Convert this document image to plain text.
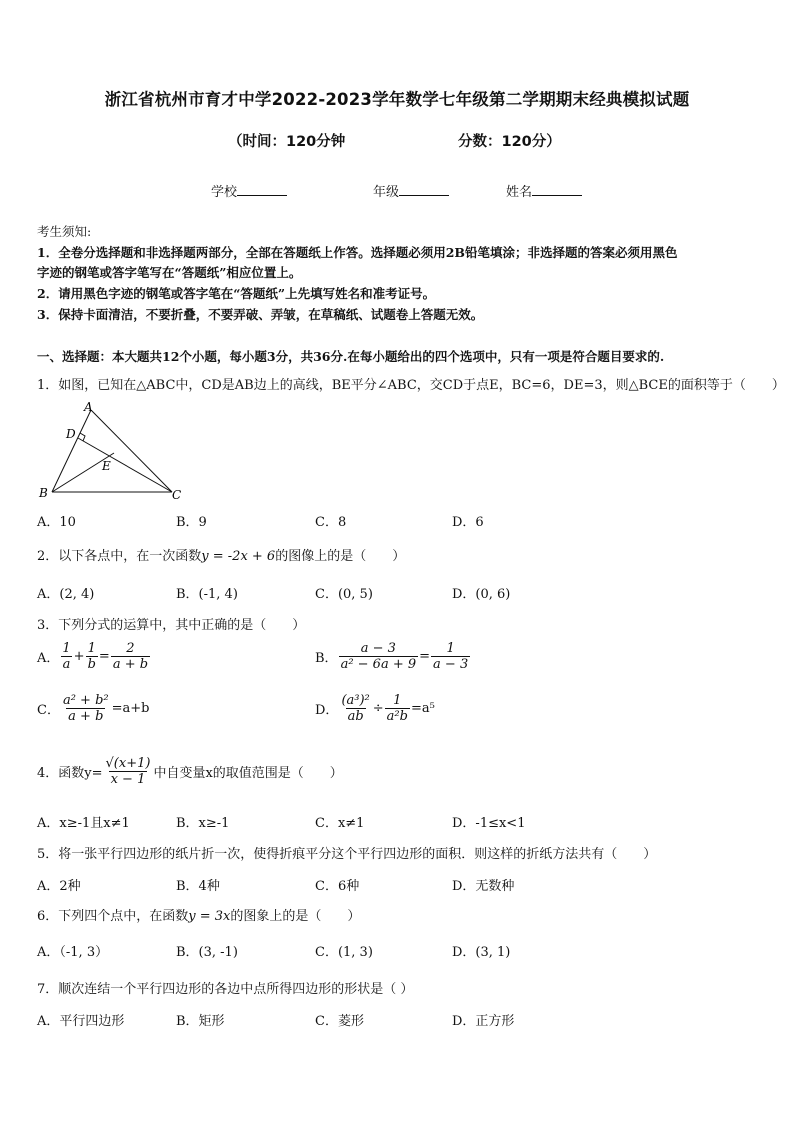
浙江省杭州市育才中学2022-2023学年数学七年级第二学期期末经典模拟试题
（时间：120分钟	分数：120分）
学校	年级	姓名
考生须知:
1．全卷分选择题和非选择题两部分，全部在答题纸上作答。选择题必须用2B铅笔填涂；非选择题的答案必须用黑色
字迹的钢笔或答字笔写在“答题纸”相应位置上。
2．请用黑色字迹的钢笔或答字笔在“答题纸”上先填写姓名和准考证号。
3．保持卡面清洁，不要折叠，不要弄破、弄皱，在草稿纸、试题卷上答题无效。
一、选择题：本大题共12个小题，每小题3分，共36分.在每小题给出的四个选项中，只有一项是符合题目要求的.
1．如图，已知在△ABC中，CD是AB边上的高线，BE平分∠ABC，交CD于点E，BC=6，DE=3，则△BCE的面积等于（　　）
A
D
E
B	C
A．10	B．9	C．8	D．6
2．以下各点中，在一次函数y = -2x + 6的图像上的是（　　）
A．(2, 4)	B．(-1, 4)	C．(0, 5)	D．(0, 6)
3．下列分式的运算中，其中正确的是（　　）
A． $\frac{1}{a} + \frac{1}{b} = \frac{2}{a + b}$	B． $\frac{a - 3}{\text{a² − 6a + 9}} = \frac{1}{a - 3}$
C． $\frac{\text{a² + b²}}{a + b} =a+b$	D． $\frac{\text{(a³)²}}{ab} \div \frac{1}{\text{a²b}} =a^5$
4．函数$y= \frac{√(x+1)}{x - 1}$ 中自变量x的取值范围是（　　）
A．x≥-1且x≠1	B．x≥-1	C．x≠1	D．-1≤x<1
5．将一张平行四边形的纸片折一次，使得折痕平分这个平行四边形的面积．则这样的折纸方法共有（　　）
A．2种	B．4种	C．6种	D．无数种
6．下列四个点中，在函数y = 3x的图象上的是（　　）
A．（-1, 3）	B．(3, -1)	C．(1, 3)	D．(3, 1)
7．顺次连结一个平行四边形的各边中点所得四边形的形状是（ ）
A．平行四边形	B．矩形	C．菱形	D．正方形
